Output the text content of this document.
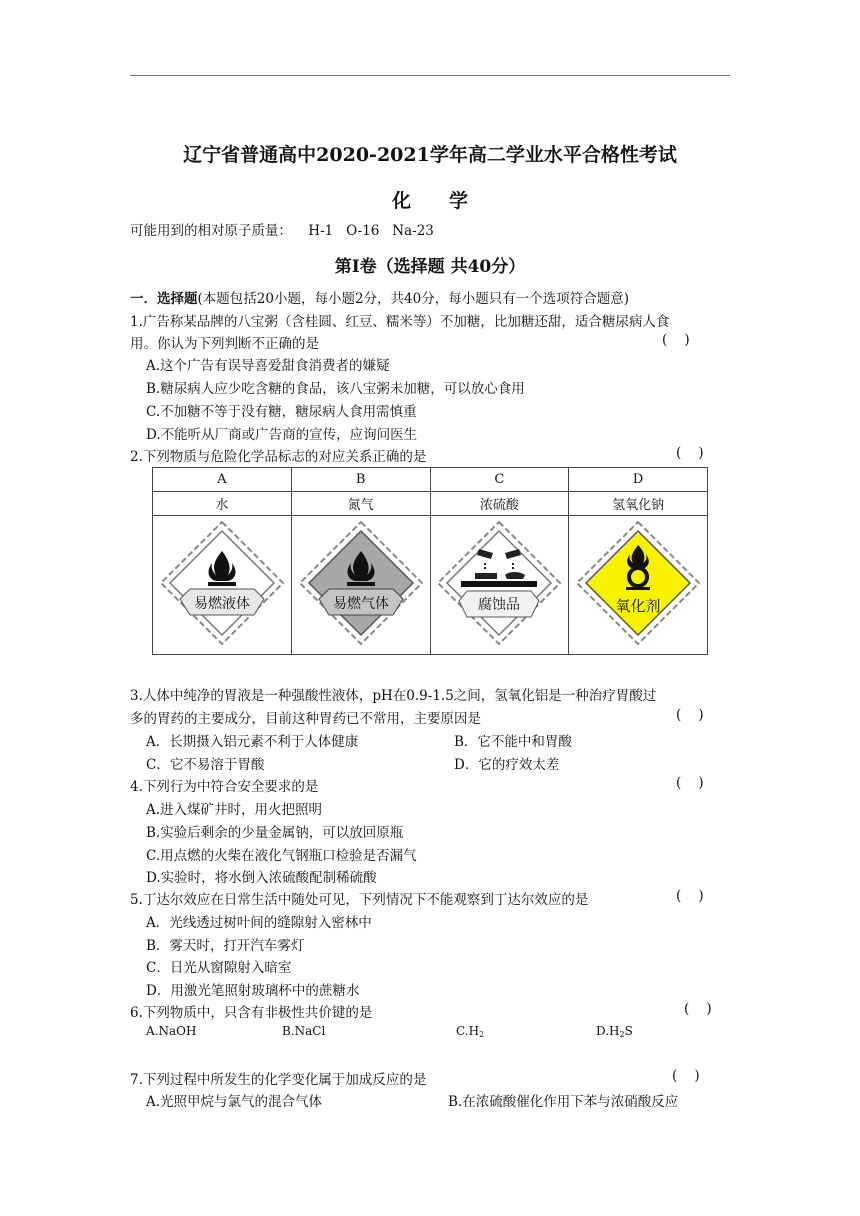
辽宁省普通高中2020-2021学年高二学业水平合格性考试
化学
可能用到的相对原子质量： H-1   O-16   Na-23
第Ⅰ卷（选择题 共40分）
一．选择题(本题包括20小题，每小题2分，共40分，每小题只有一个选项符合题意)
1.广告称某品牌的八宝粥（含桂圆、红豆、糯米等）不加糖，比加糖还甜，适合糖尿病人食
用。你认为下列判断不正确的是	(    )
A.这个广告有误导喜爱甜食消费者的嫌疑
B.糖尿病人应少吃含糖的食品，该八宝粥未加糖，可以放心食用
C.不加糖不等于没有糖，糖尿病人食用需慎重
D.不能听从厂商或广告商的宣传，应询问医生
2.下列物质与危险化学品标志的对应关系正确的是	(    )
A	B	C	D
水	氮气	浓硫酸	氢氧化钠

易燃液体	易燃气体	腐蚀品	氧化剂
3.人体中纯净的胃液是一种强酸性液体，pH在0.9-1.5之间，氢氧化铝是一种治疗胃酸过
多的胃药的主要成分，目前这种胃药已不常用，主要原因是	(    )
A．长期摄入铝元素不利于人体健康	B．它不能中和胃酸
C．它不易溶于胃酸	D．它的疗效太差
4.下列行为中符合安全要求的是	(    )
A.进入煤矿井时，用火把照明
B.实验后剩余的少量金属钠，可以放回原瓶
C.用点燃的火柴在液化气钢瓶口检验是否漏气
D.实验时，将水倒入浓硫酸配制稀硫酸
5.丁达尔效应在日常生活中随处可见，下列情况下不能观察到丁达尔效应的是	(    )
A．光线透过树叶间的缝隙射入密林中
B．雾天时，打开汽车雾灯
C．日光从窗隙射入暗室
D．用激光笔照射玻璃杯中的蔗糖水
6.下列物质中，只含有非极性共价键的是	(    )
A.NaOH	B.NaCl	C.H2	D.H2S
7.下列过程中所发生的化学变化属于加成反应的是	(    )
A.光照甲烷与氯气的混合气体	B.在浓硫酸催化作用下苯与浓硝酸反应
